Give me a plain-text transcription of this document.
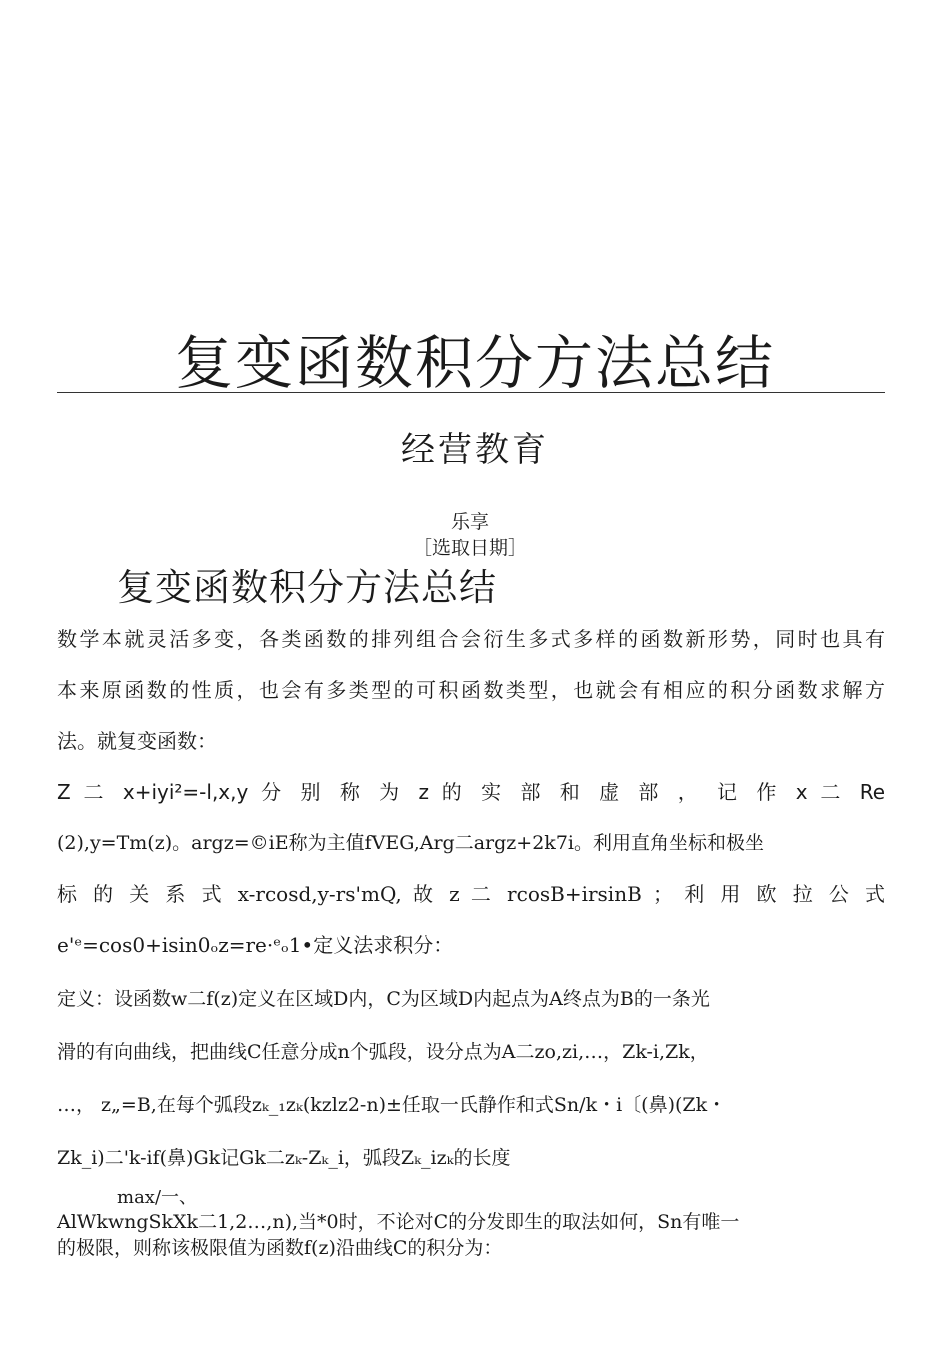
复变函数积分方法总结
经营教育
乐享
［选取日期］
复变函数积分方法总结
数学本就灵活多变，各类函数的排列组合会衍生多式多样的函数新形势，同时也具有
本来原函数的性质，也会有多类型的可积函数类型，也就会有相应的积分函数求解方
法。就复变函数：
Z 二 x+iyi²=-l,x,y 分 别 称 为 z 的 实 部 和 虚 部 ， 记 作 x 二 Re
(2),y=Tm(z)。argz=©iE称为主值fVEG,Arg二argz+2k7i。利用直角坐标和极坐
标 的 关 系 式 x-rcosd,y-rs'mQ, 故 z 二 rcosB+irsinB ； 利 用 欧 拉 公 式
e'ᵉ=cos0+isin0ₒz=re·ᵉₒ1•定义法求积分：
定义：设函数w二f(z)定义在区域D内，C为区域D内起点为A终点为B的一条光
滑的有向曲线，把曲线C任意分成n个弧段，设分点为A二zo,zi,…，Zk-i,Zk，
…， z„=B,在每个弧段zₖ_₁zₖ(kzlz2-n)±任取一氏静作和式Sn/k・i〔(鼻)(Zk・
Zk_i)二'k-if(鼻)Gk记Gk二zₖ-Zₖ_i，弧段Zₖ_izₖ的长度
max/一、
AlWkwngSkXk二1,2…,n),当*0时，不论对C的分发即生的取法如何，Sn有唯一
的极限，则称该极限值为函数f(z)沿曲线C的积分为：
